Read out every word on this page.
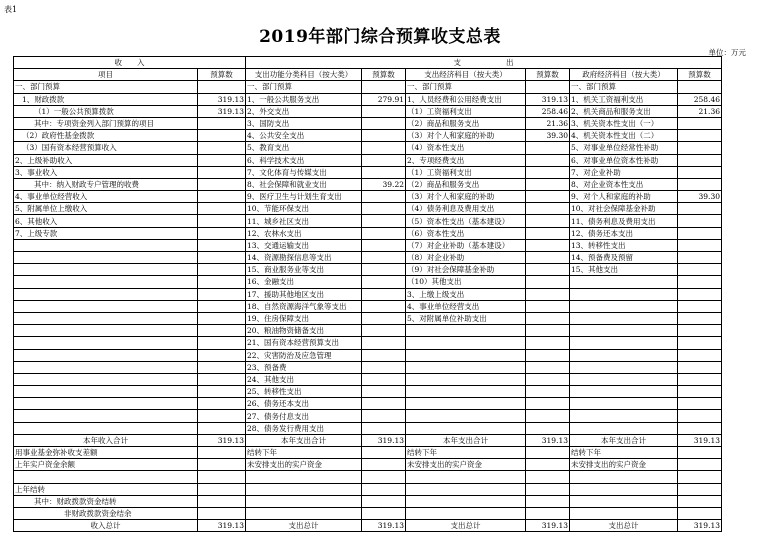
表1
2019年部门综合预算收支总表
单位：万元
收　　入		支　　　　　　出					
项目	预算数	支出功能分类科目（按大类）	预算数	支出经济科目（按大类）	预算数	政府经济科目（按大类）	预算数
一、部门预算		一、部门预算		一、部门预算		一、部门预算	
1、财政拨款	319.13	1、一般公共服务支出	279.91	1、人员经费和公用经费支出	319.13	1、机关工资福利支出	258.46
（1）一般公共预算拨款	319.13	2、外交支出		（1）工资福利支出	258.46	2、机关商品和服务支出	21.36
其中：专项资金列入部门预算的项目		3、国防支出		（2）商品和服务支出	21.36	3、机关资本性支出（一）	
（2）政府性基金拨款		4、公共安全支出		（3）对个人和家庭的补助	39.30	4、机关资本性支出（二）	
（3）国有资本经营预算收入		5、教育支出		（4）资本性支出		5、对事业单位经常性补助	
2、上级补助收入		6、科学技术支出		2、专项经费支出		6、对事业单位资本性补助	
3、事业收入		7、文化体育与传媒支出		（1）工资福利支出		7、对企业补助	
其中：纳入财政专户管理的收费		8、社会保障和就业支出	39.22	（2）商品和服务支出		8、对企业资本性支出	
4、事业单位经营收入		9、医疗卫生与计划生育支出		（3）对个人和家庭的补助		9、对个人和家庭的补助	39.30
5、附属单位上缴收入		10、节能环保支出		（4）债务利息及费用支出		10、对社会保障基金补助	
6、其他收入		11、城乡社区支出		（5）资本性支出（基本建设）		11、债务利息及费用支出	
7、上级专款		12、农林水支出		（6）资本性支出		12、债务还本支出	
		13、交通运输支出		（7）对企业补助（基本建设）		13、转移性支出	
		14、资源勘探信息等支出		（8）对企业补助		14、预备费及预留	
		15、商业服务业等支出		（9）对社会保障基金补助		15、其他支出	
		16、金融支出		（10）其他支出			
		17、援助其他地区支出		3、上缴上级支出			
		18、自然资源海洋气象等支出		4、事业单位经营支出			
		19、住房保障支出		5、对附属单位补助支出			
		20、粮油物资储备支出					
		21、国有资本经营预算支出					
		22、灾害防治及应急管理					
		23、预备费					
		24、其他支出					
		25、转移性支出					
		26、债务还本支出					
		27、债务付息支出					
		28、债务发行费用支出					
本年收入合计	319.13	本年支出合计	319.13	本年支出合计	319.13	本年支出合计	319.13
用事业基金弥补收支差额		结转下年		结转下年		结转下年	
上年实户资金余额		未安排支出的实户资金		未安排支出的实户资金		未安排支出的实户资金	

上年结转							
其中：财政拨款资金结转							
非财政拨款资金结余							
收入总计	319.13	支出总计	319.13	支出总计	319.13	支出总计	319.13
